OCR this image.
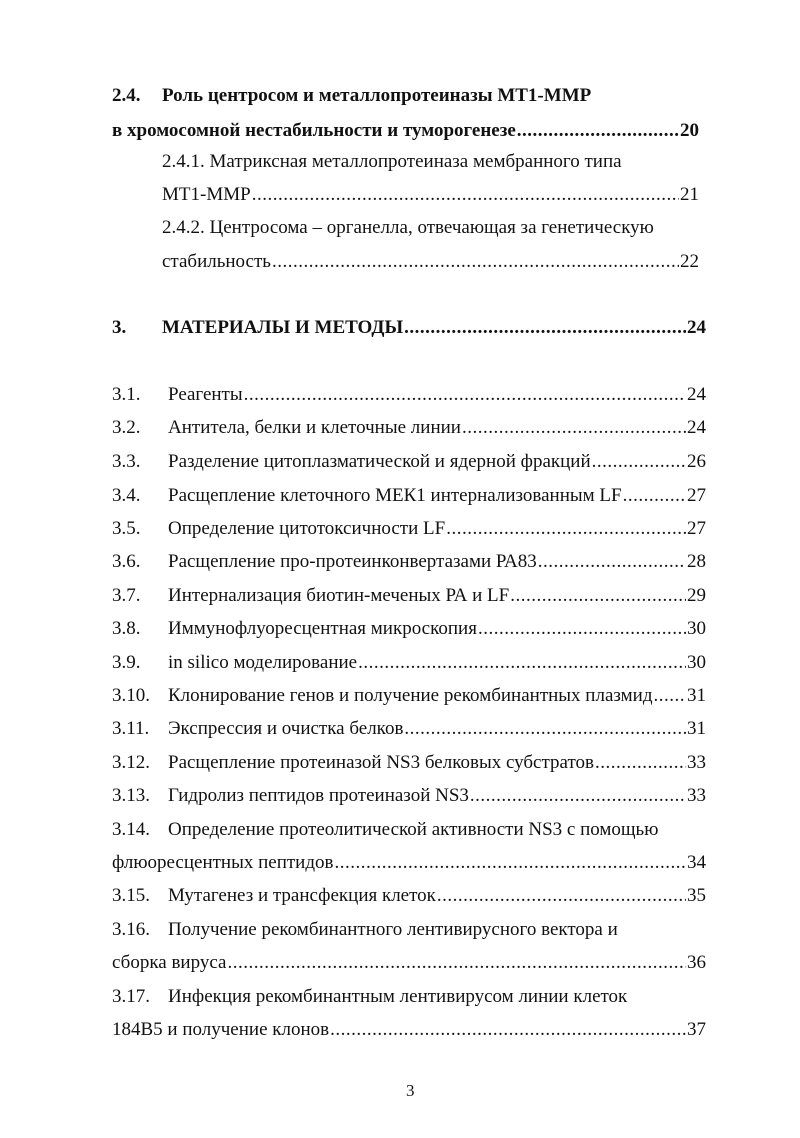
2.4. Роль центросом и металлопротеиназы МТ1-ММР
в хромосомной нестабильности и туморогенезе .....	20
2.4.1. Матриксная металлопротеиназа мембранного типа
МТ1-ММР .....	21
2.4.2. Центросома – органелла, отвечающая за генетическую
стабильность .....	22
3. МАТЕРИАЛЫ И МЕТОДЫ .....	24
3.1. Реагенты .....	24
3.2. Антитела, белки и клеточные линии .....	24
3.3. Разделение цитоплазматической и ядерной фракций .....	26
3.4. Расщепление клеточного МЕК1 интернализованным LF .....	27
3.5. Определение цитотоксичности LF .....	27
3.6. Расщепление про-протеинконвертазами РА83 .....	28
3.7. Интернализация биотин-меченых РА и LF .....	29
3.8. Иммунофлуоресцентная микроскопия .....	30
3.9. in silico моделирование .....	30
3.10. Клонирование генов и получение рекомбинантных плазмид ..... 31
3.11. Экспрессия и очистка белков .....	31
3.12. Расщепление протеиназой NS3 белковых субстратов .....	33
3.13. Гидролиз пептидов протеиназой NS3 .....	33
3.14. Определение протеолитической активности NS3 с помощью
флюоресцентных пептидов .....	34
3.15. Мутагенез и трансфекция клеток .....	35
3.16. Получение рекомбинантного лентивирусного вектора и
сборка вируса .....	36
3.17. Инфекция рекомбинантным лентивирусом линии клеток
184В5 и получение клонов .....	37
3
